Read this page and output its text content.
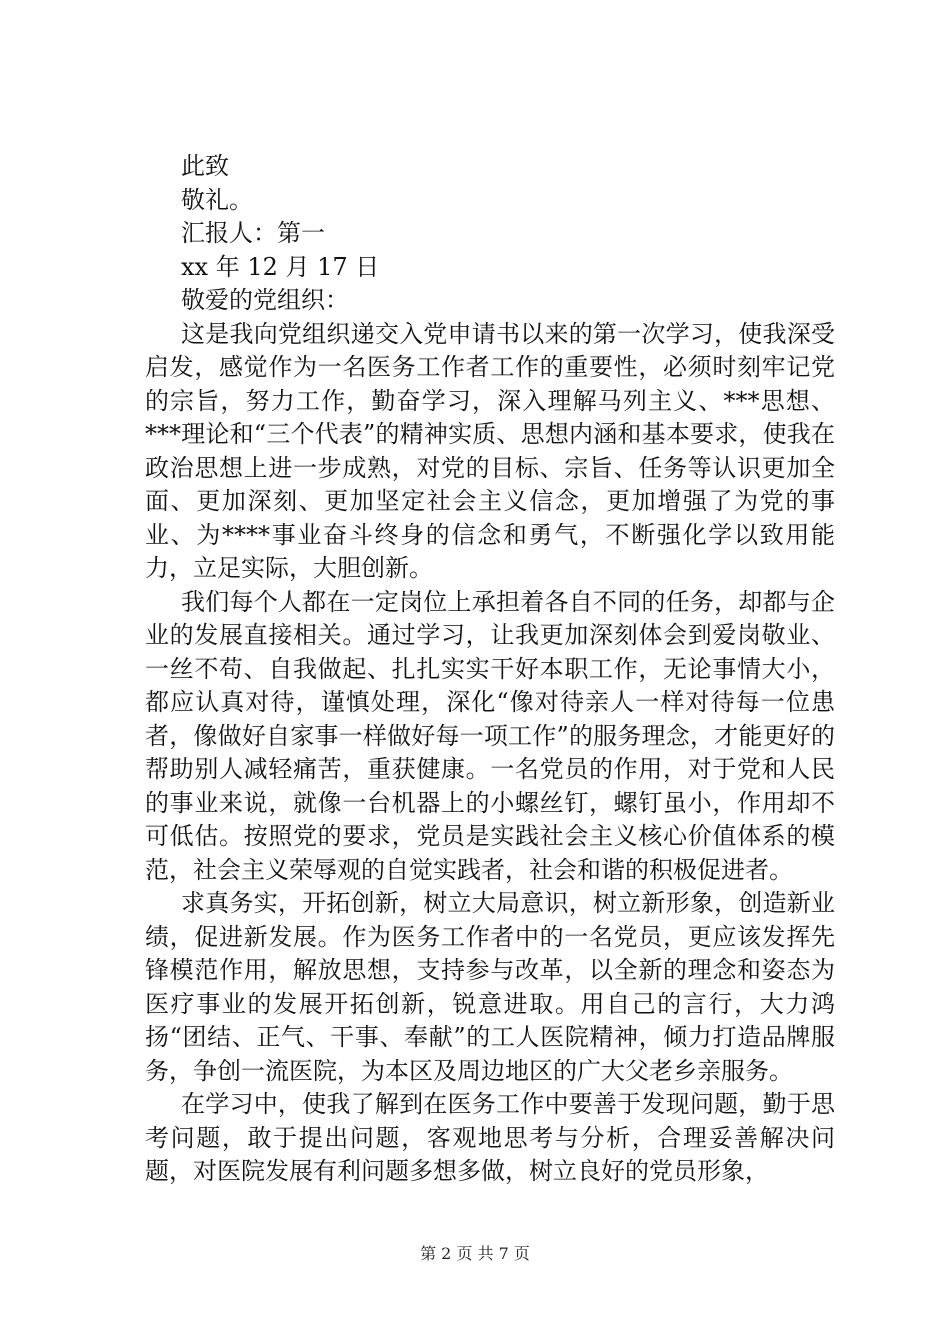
此致
敬礼。
汇报人：第一
xx 年 12 月 17 日
敬爱的党组织：
这是我向党组织递交入党申请书以来的第一次学习，使我深受启发，感觉作为一名医务工作者工作的重要性，必须时刻牢记党的宗旨，努力工作，勤奋学习，深入理解马列主义、***思想、***理论和“三个代表”的精神实质、思想内涵和基本要求，使我在政治思想上进一步成熟，对党的目标、宗旨、任务等认识更加全面、更加深刻、更加坚定社会主义信念，更加增强了为党的事业、为****事业奋斗终身的信念和勇气，不断强化学以致用能力，立足实际，大胆创新。
我们每个人都在一定岗位上承担着各自不同的任务，却都与企业的发展直接相关。通过学习，让我更加深刻体会到爱岗敬业、一丝不苟、自我做起、扎扎实实干好本职工作，无论事情大小，都应认真对待，谨慎处理，深化“像对待亲人一样对待每一位患者，像做好自家事一样做好每一项工作”的服务理念，才能更好的帮助别人减轻痛苦，重获健康。一名党员的作用，对于党和人民的事业来说，就像一台机器上的小螺丝钉，螺钉虽小，作用却不可低估。按照党的要求，党员是实践社会主义核心价值体系的模范，社会主义荣辱观的自觉实践者，社会和谐的积极促进者。
求真务实，开拓创新，树立大局意识，树立新形象，创造新业绩，促进新发展。作为医务工作者中的一名党员，更应该发挥先锋模范作用，解放思想，支持参与改革，以全新的理念和姿态为医疗事业的发展开拓创新，锐意进取。用自己的言行，大力鸿扬“团结、正气、干事、奉献”的工人医院精神，倾力打造品牌服务，争创一流医院，为本区及周边地区的广大父老乡亲服务。
在学习中，使我了解到在医务工作中要善于发现问题，勤于思考问题，敢于提出问题，客观地思考与分析，合理妥善解决问题，对医院发展有利问题多想多做，树立良好的党员形象，
第 2 页 共 7 页
